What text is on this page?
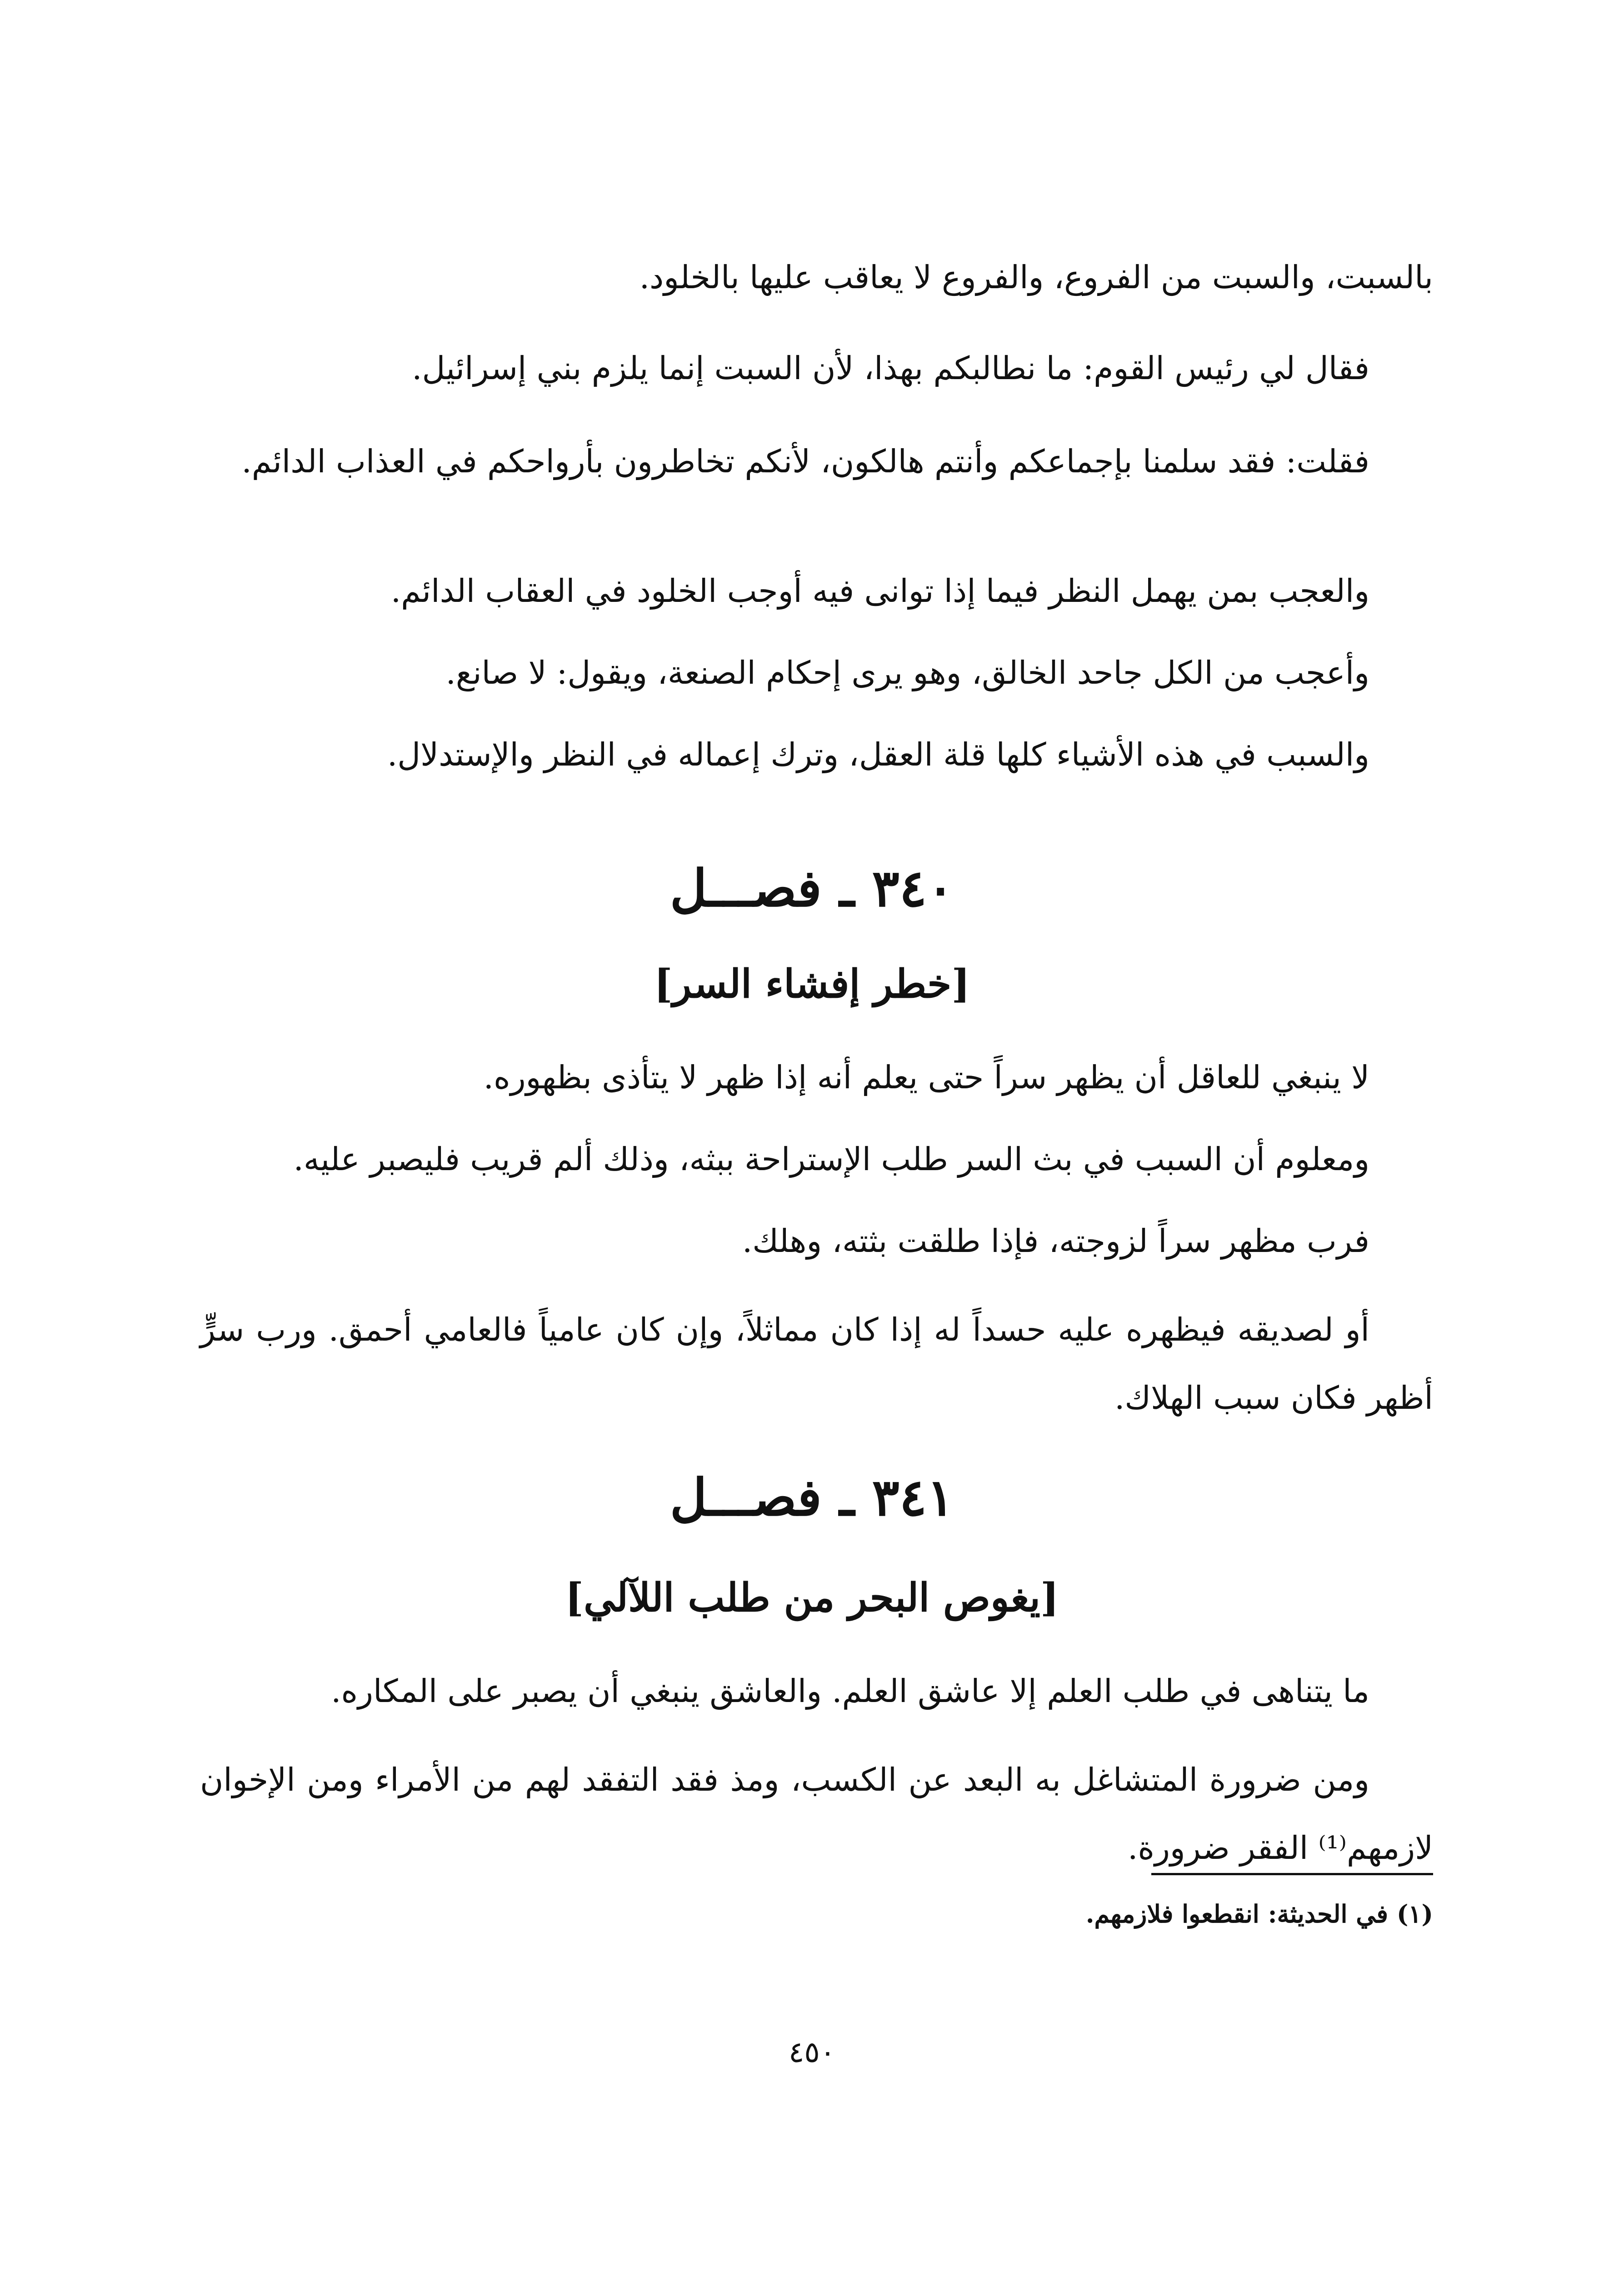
بالسبت، والسبت من الفروع، والفروع لا يعاقب عليها بالخلود.

فقال لي رئيس القوم: ما نطالبكم بهذا، لأن السبت إنما يلزم بني إسرائيل.

فقلت: فقد سلمنا بإجماعكم وأنتم هالكون، لأنكم تخاطرون بأرواحكم في العذاب الدائم.

والعجب بمن يهمل النظر فيما إذا توانى فيه أوجب الخلود في العقاب الدائم.

وأعجب من الكل جاحد الخالق، وهو يرى إحكام الصنعة، ويقول: لا صانع.

والسبب في هذه الأشياء كلها قلة العقل، وترك إعماله في النظر والإستدلال.

٣٤٠ ـ فصـــل
[خطر إفشاء السر]

لا ينبغي للعاقل أن يظهر سراً حتى يعلم أنه إذا ظهر لا يتأذى بظهوره.

ومعلوم أن السبب في بث السر طلب الإستراحة ببثه، وذلك ألم قريب فليصبر عليه.

فرب مظهر سراً لزوجته، فإذا طلقت بثته، وهلك.

أو لصديقه فيظهره عليه حسداً له إذا كان مماثلاً، وإن كان عامياً فالعامي أحمق. ورب سرٍّ أظهر فكان سبب الهلاك.

٣٤١ ـ فصـــل
[يغوص البحر من طلب اللآلي]

ما يتناهى في طلب العلم إلا عاشق العلم. والعاشق ينبغي أن يصبر على المكاره.

ومن ضرورة المتشاغل به البعد عن الكسب، ومذ فقد التفقد لهم من الأمراء ومن الإخوان لازمهم⁽¹⁾ الفقر ضرورة.

(١) في الحديثة: انقطعوا فلازمهم.

٤٥٠
